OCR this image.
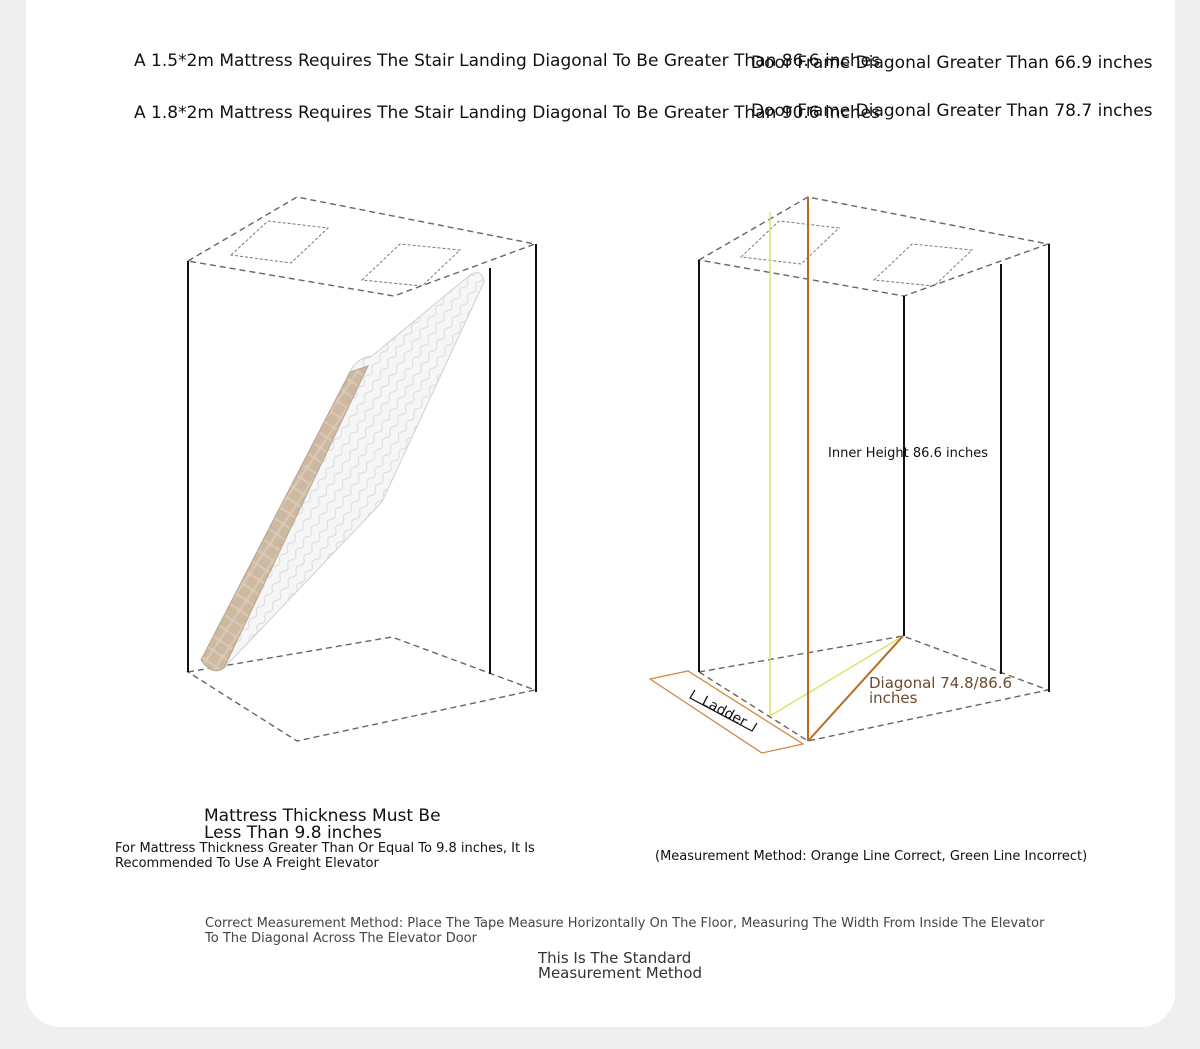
Ladder
A 1.5*2m Mattress Requires The Stair Landing Diagonal To Be Greater Than 86.6 inches
Door Frame Diagonal Greater Than 66.9 inches
A 1.8*2m Mattress Requires The Stair Landing Diagonal To Be Greater Than 90.6 inches
Door Frame Diagonal Greater Than 78.7 inches
Inner Height 86.6 inches
Diagonal 74.8/86.6 inches
(Measurement Method: Orange Line Correct, Green Line Incorrect)
Mattress Thickness Must Be Less Than 9.8 inches
For Mattress Thickness Greater Than Or Equal To 9.8 inches, It Is Recommended To Use A Freight Elevator
Correct Measurement Method: Place The Tape Measure Horizontally On The Floor, Measuring The Width From Inside The Elevator To The Diagonal Across The Elevator Door
This Is The Standard Measurement Method
